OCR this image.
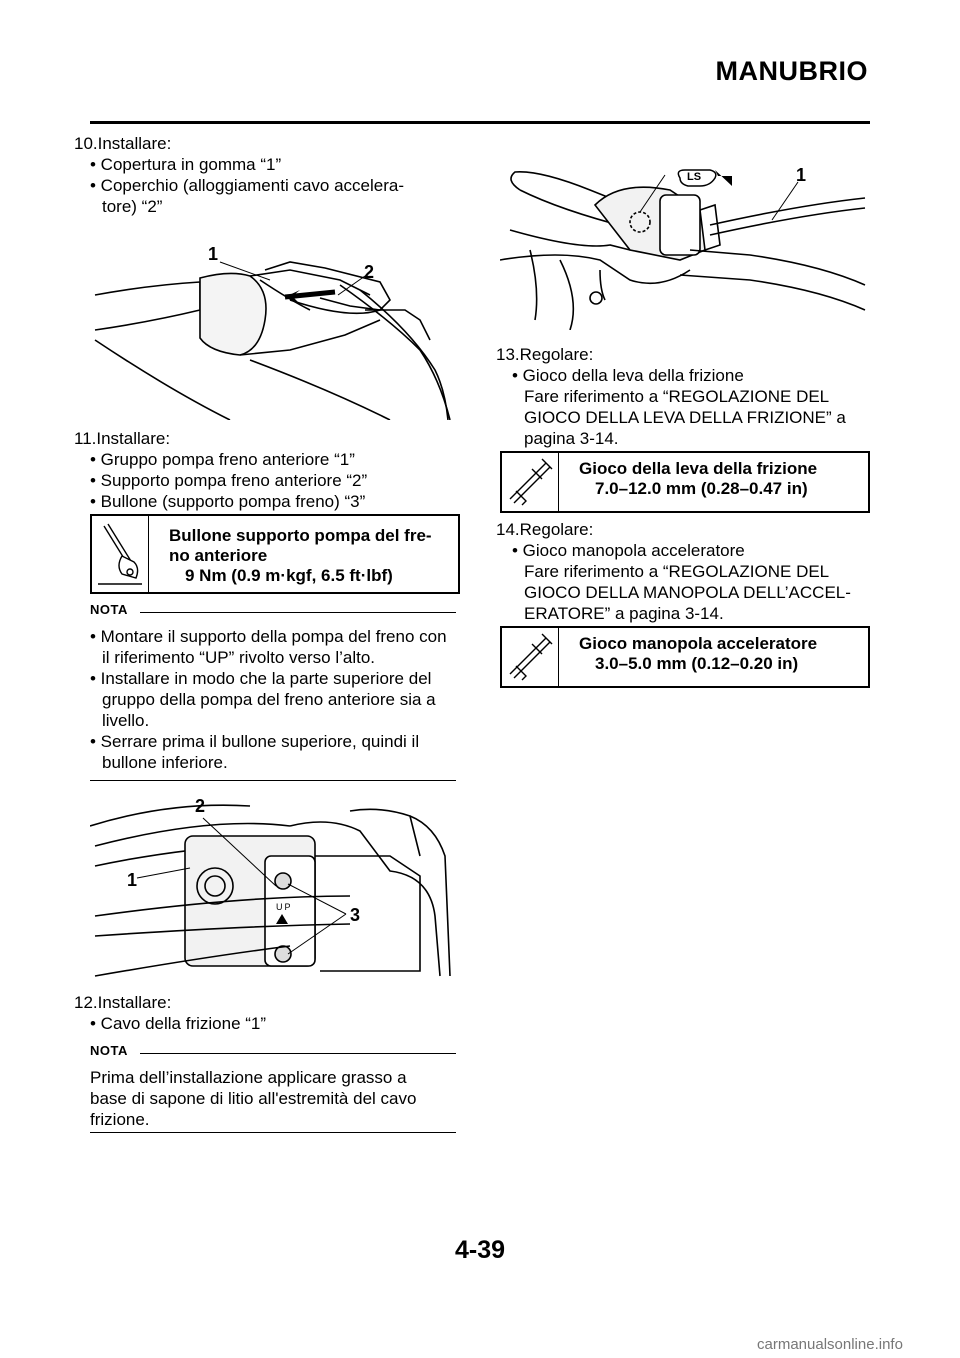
MANUBRIO
10.Installare:
• Copertura in gomma “1”
• Coperchio (alloggiamenti cavo accelera-
tore) “2”
1
2
11.Installare:
• Gruppo pompa freno anteriore “1”
• Supporto pompa freno anteriore “2”
• Bullone (supporto pompa freno) “3”
Bullone supporto pompa del fre-
no anteriore
9 Nm (0.9 m·kgf, 6.5 ft·lbf)
NOTA
• Montare il supporto della pompa del freno con
il riferimento “UP” rivolto verso l’alto.
• Installare in modo che la parte superiore del
gruppo della pompa del freno anteriore sia a
livello.
• Serrare prima il bullone superiore, quindi il
bullone inferiore.
2
1
3
UP
12.Installare:
• Cavo della frizione “1”
NOTA
Prima dell’installazione applicare grasso a
base di sapone di litio all'estremità del cavo
frizione.
LS	1
13.Regolare:
• Gioco della leva della frizione
Fare riferimento a “REGOLAZIONE DEL
GIOCO DELLA LEVA DELLA FRIZIONE” a
pagina 3-14.
Gioco della leva della frizione
7.0–12.0 mm (0.28–0.47 in)
14.Regolare:
• Gioco manopola acceleratore
Fare riferimento a “REGOLAZIONE DEL
GIOCO DELLA MANOPOLA DELL’ACCEL-
ERATORE” a pagina 3-14.
Gioco manopola acceleratore
3.0–5.0 mm (0.12–0.20 in)
4-39
carmanualsonline.info
